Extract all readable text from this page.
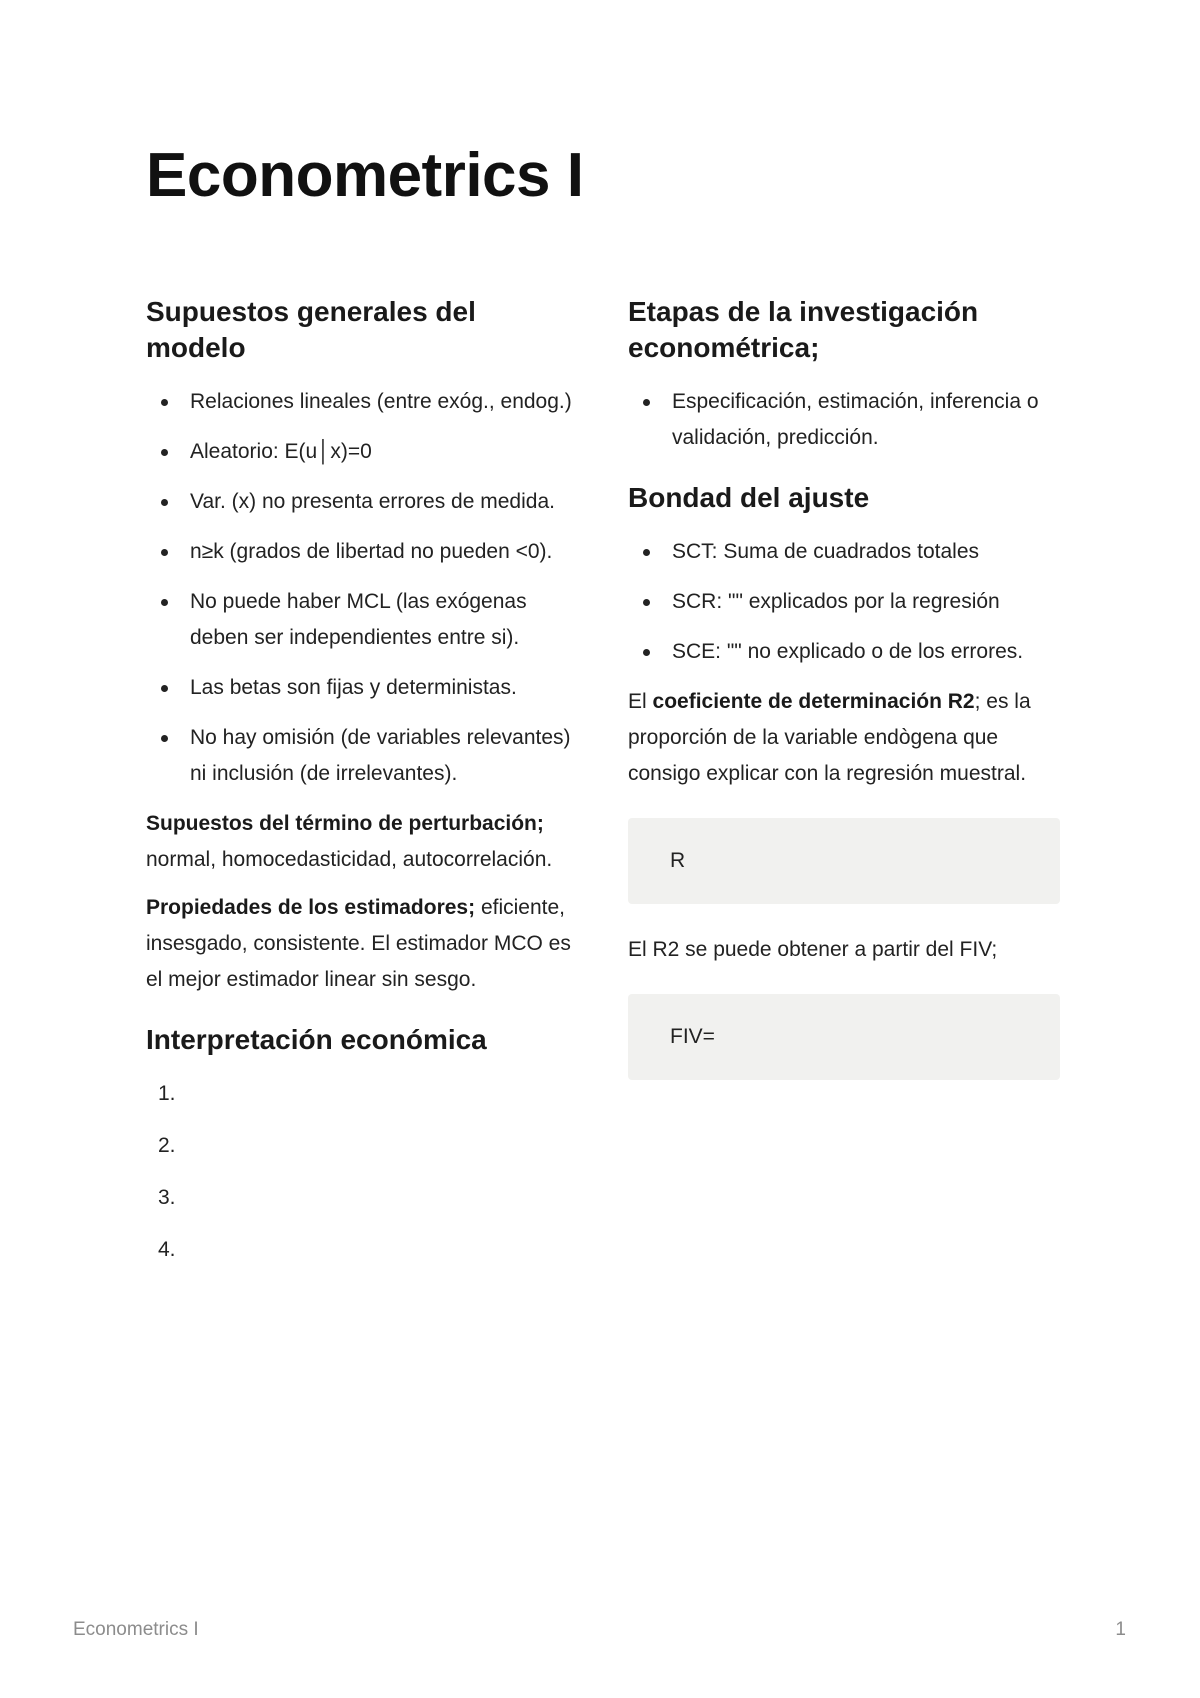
Econometrics I
Supuestos generales del modelo
Relaciones lineales (entre exóg., endog.)
Aleatorio: E(u│x)=0
Var. (x) no presenta errores de medida.
n≥k (grados de libertad no pueden <0).
No puede haber MCL (las exógenas deben ser independientes entre si).
Las betas son fijas y deterministas.
No hay omisión (de variables relevantes) ni inclusión (de irrelevantes).

Supuestos del término de perturbación; normal, homocedasticidad, autocorrelación.

Propiedades de los estimadores; eficiente, insesgado, consistente. El estimador MCO es el mejor estimador linear sin sesgo.

Interpretación económica
1.
2.
3.
4.
Etapas de la investigación econométrica;
Especificación, estimación, inferencia o validación, predicción.
Bondad del ajuste
SCT: Suma de cuadrados totales
SCR: "" explicados por la regresión
SCE: "" no explicado o de los errores.

El coeficiente de determinación R2; es la proporción de la variable endògena que consigo explicar con la regresión muestral.

R

El R2 se puede obtener a partir del FIV;

FIV=
Econometrics I	1
